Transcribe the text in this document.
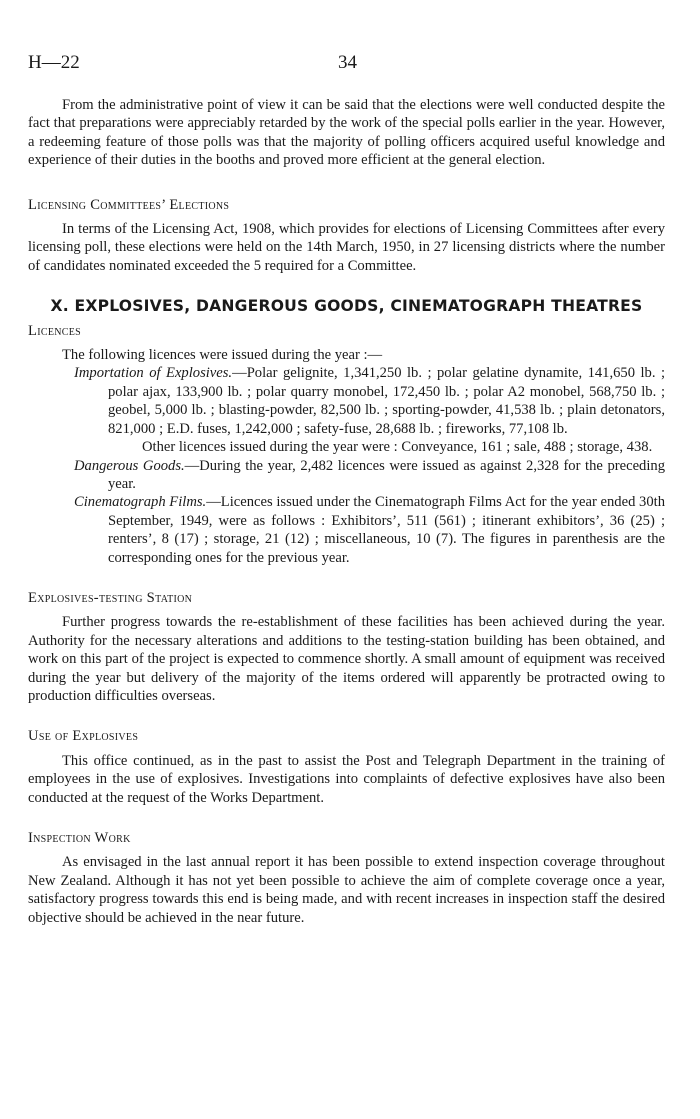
H—22	34

From the administrative point of view it can be said that the elections were well conducted despite the fact that preparations were appreciably retarded by the work of the special polls earlier in the year. However, a redeeming feature of those polls was that the majority of polling officers acquired useful knowledge and experience of their duties in the booths and proved more efficient at the general election.

Licensing Committees’ Elections

In terms of the Licensing Act, 1908, which provides for elections of Licensing Committees after every licensing poll, these elections were held on the 14th March, 1950, in 27 licensing districts where the number of candidates nominated exceeded the 5 required for a Committee.

X. EXPLOSIVES, DANGEROUS GOODS, CINEMATOGRAPH THEATRES
Licences

The following licences were issued during the year :—

Importation of Explosives.—Polar gelignite, 1,341,250 lb. ; polar gelatine dynamite, 141,650 lb. ; polar ajax, 133,900 lb. ; polar quarry monobel, 172,450 lb. ; polar A2 monobel, 568,750 lb. ; geobel, 5,000 lb. ; blasting-powder, 82,500 lb. ; sporting-powder, 41,538 lb. ; plain detonators, 821,000 ; E.D. fuses, 1,242,000 ; safety-fuse, 28,688 lb. ; fireworks, 77,108 lb.

Other licences issued during the year were : Conveyance, 161 ; sale, 488 ; storage, 438.

Dangerous Goods.—During the year, 2,482 licences were issued as against 2,328 for the preceding year.

Cinematograph Films.—Licences issued under the Cinematograph Films Act for the year ended 30th September, 1949, were as follows : Exhibitors’, 511 (561) ; itinerant exhibitors’, 36 (25) ; renters’, 8 (17) ; storage, 21 (12) ; miscellaneous, 10 (7). The figures in parenthesis are the corresponding ones for the previous year.

Explosives-testing Station

Further progress towards the re-establishment of these facilities has been achieved during the year. Authority for the necessary alterations and additions to the testing-station building has been obtained, and work on this part of the project is expected to commence shortly. A small amount of equipment was received during the year but delivery of the majority of the items ordered will apparently be protracted owing to production difficulties overseas.

Use of Explosives

This office continued, as in the past to assist the Post and Telegraph Department in the training of employees in the use of explosives. Investigations into complaints of defective explosives have also been conducted at the request of the Works Department.

Inspection Work

As envisaged in the last annual report it has been possible to extend inspection coverage throughout New Zealand. Although it has not yet been possible to achieve the aim of complete coverage once a year, satisfactory progress towards this end is being made, and with recent increases in inspection staff the desired objective should be achieved in the near future.
